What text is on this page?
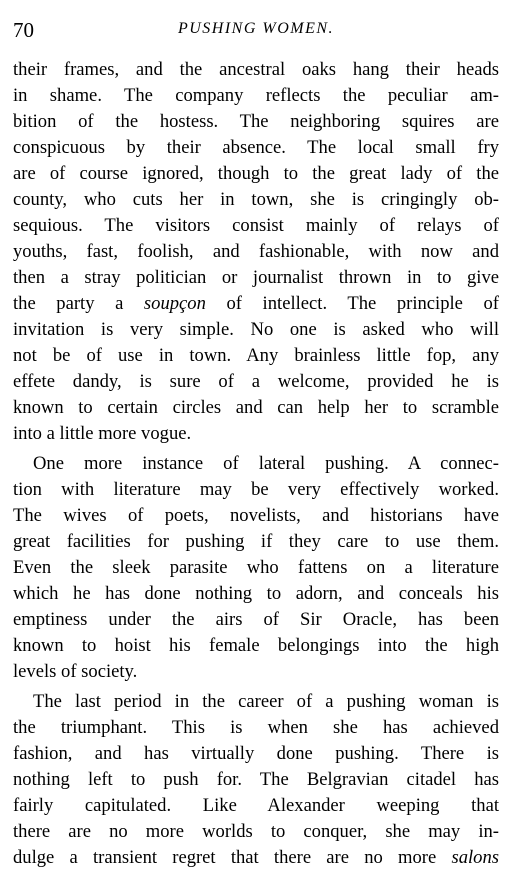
70	PUSHING WOMEN.
their frames, and the ancestral oaks hang their heads
in shame. The company reflects the peculiar am-
bition of the hostess. The neighboring squires are
conspicuous by their absence. The local small fry
are of course ignored, though to the great lady of the
county, who cuts her in town, she is cringingly ob-
sequious. The visitors consist mainly of relays of
youths, fast, foolish, and fashionable, with now and
then a stray politician or journalist thrown in to give
the party a soupçon of intellect. The principle of
invitation is very simple. No one is asked who will
not be of use in town. Any brainless little fop, any
effete dandy, is sure of a welcome, provided he is
known to certain circles and can help her to scramble
into a little more vogue.
One more instance of lateral pushing. A connec-
tion with literature may be very effectively worked.
The wives of poets, novelists, and historians have
great facilities for pushing if they care to use them.
Even the sleek parasite who fattens on a literature
which he has done nothing to adorn, and conceals his
emptiness under the airs of Sir Oracle, has been
known to hoist his female belongings into the high
levels of society.
The last period in the career of a pushing woman is
the triumphant. This is when she has achieved
fashion, and has virtually done pushing. There is
nothing left to push for. The Belgravian citadel has
fairly capitulated. Like Alexander weeping that
there are no more worlds to conquer, she may in-
dulge a transient regret that there are no more salons
